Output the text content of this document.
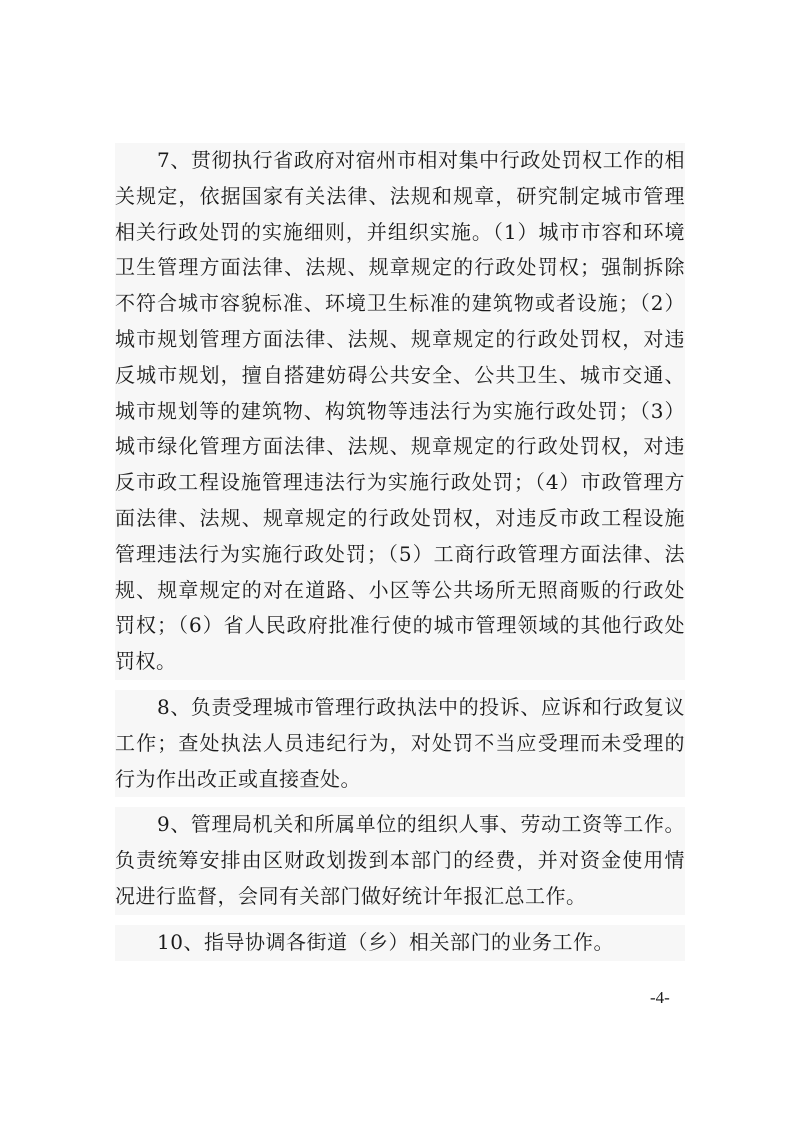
7、贯彻执行省政府对宿州市相对集中行政处罚权工作的相关规定，依据国家有关法律、法规和规章，研究制定城市管理相关行政处罚的实施细则，并组织实施。（1）城市市容和环境卫生管理方面法律、法规、规章规定的行政处罚权；强制拆除不符合城市容貌标准、环境卫生标准的建筑物或者设施；（2）城市规划管理方面法律、法规、规章规定的行政处罚权，对违反城市规划，擅自搭建妨碍公共安全、公共卫生、城市交通、城市规划等的建筑物、构筑物等违法行为实施行政处罚；（3）城市绿化管理方面法律、法规、规章规定的行政处罚权，对违反市政工程设施管理违法行为实施行政处罚；（4）市政管理方面法律、法规、规章规定的行政处罚权，对违反市政工程设施管理违法行为实施行政处罚；（5）工商行政管理方面法律、法规、规章规定的对在道路、小区等公共场所无照商贩的行政处罚权；（6）省人民政府批准行使的城市管理领域的其他行政处罚权。

8、负责受理城市管理行政执法中的投诉、应诉和行政复议工作；查处执法人员违纪行为，对处罚不当应受理而未受理的行为作出改正或直接查处。

9、管理局机关和所属单位的组织人事、劳动工资等工作。负责统筹安排由区财政划拨到本部门的经费，并对资金使用情况进行监督，会同有关部门做好统计年报汇总工作。

10、指导协调各街道（乡）相关部门的业务工作。

-4-
